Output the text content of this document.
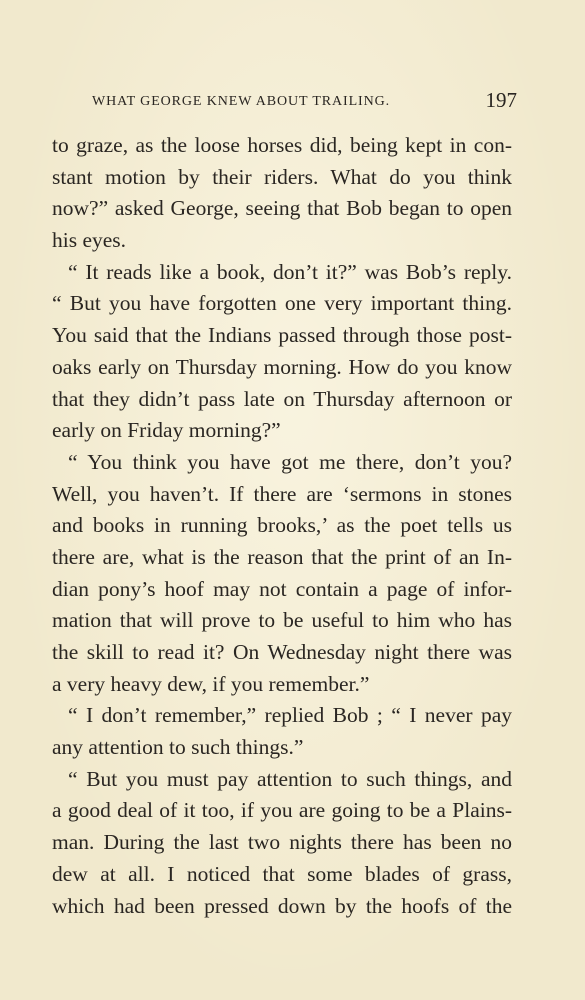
WHAT GEORGE KNEW ABOUT TRAILING.	197
to graze, as the loose horses did, being kept in con-
stant motion by their riders. What do you think
now?” asked George, seeing that Bob began to open
his eyes.
“ It reads like a book, don’t it?” was Bob’s reply.
“ But you have forgotten one very important thing.
You said that the Indians passed through those post-
oaks early on Thursday morning. How do you know
that they didn’t pass late on Thursday afternoon or
early on Friday morning?”
“ You think you have got me there, don’t you?
Well, you haven’t. If there are ‘sermons in stones
and books in running brooks,’ as the poet tells us
there are, what is the reason that the print of an In-
dian pony’s hoof may not contain a page of infor-
mation that will prove to be useful to him who has
the skill to read it? On Wednesday night there was
a very heavy dew, if you remember.”
“ I don’t remember,” replied Bob ; “ I never pay
any attention to such things.”
“ But you must pay attention to such things, and
a good deal of it too, if you are going to be a Plains-
man. During the last two nights there has been no
dew at all. I noticed that some blades of grass,
which had been pressed down by the hoofs of the
